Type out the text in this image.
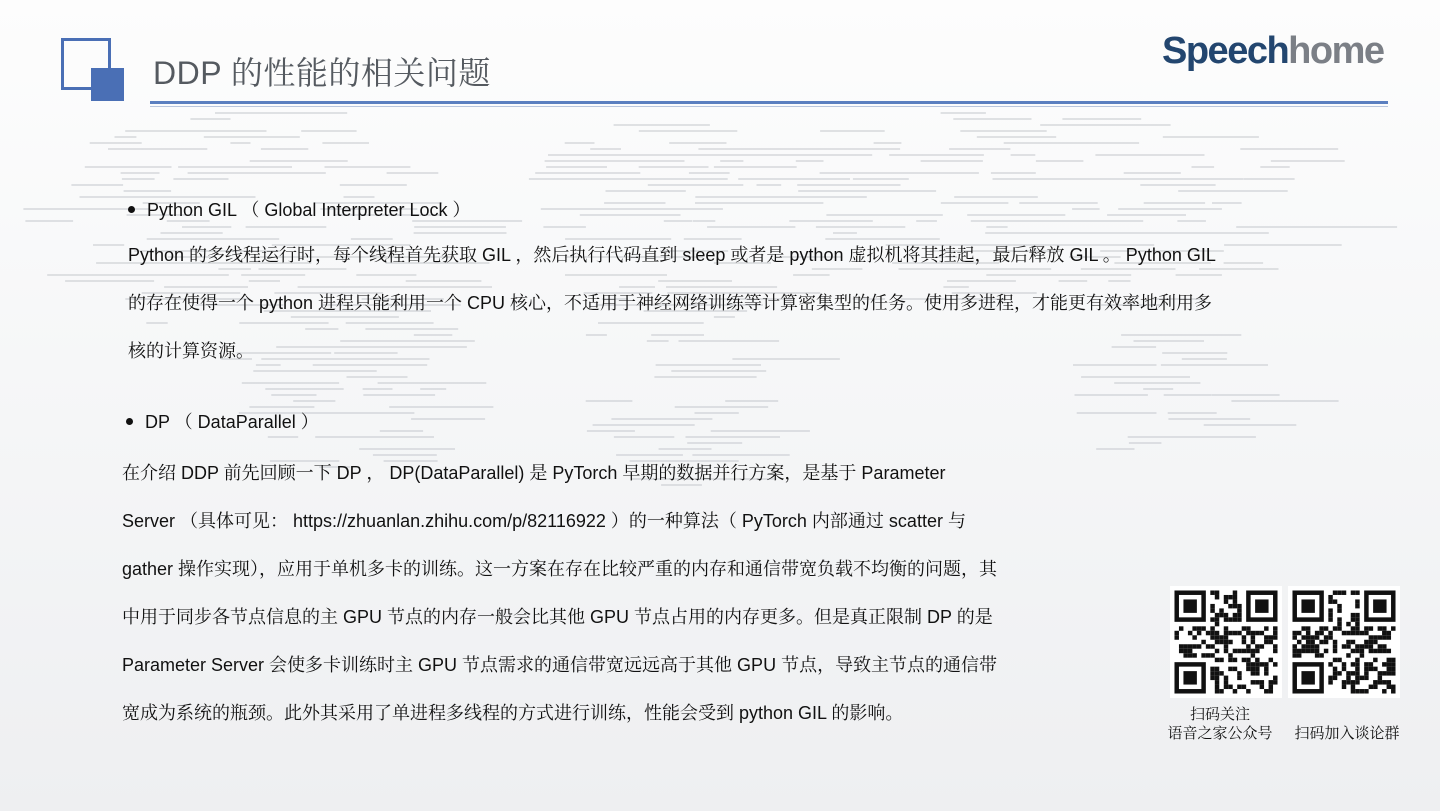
DDP 的性能的相关问题
Speechhome
Python GIL （ Global Interpreter Lock ）
Python 的多线程运行时，每个线程首先获取 GIL ，然后执行代码直到 sleep 或者是 python 虚拟机将其挂起，最后释放 GIL 。 Python GIL
的存在使得一个 python 进程只能利用一个 CPU 核心，不适用于神经网络训练等计算密集型的任务。使用多进程，才能更有效率地利用多
核的计算资源。
DP （ DataParallel ）
在介绍 DDP 前先回顾一下 DP ， DP(DataParallel) 是 PyTorch 早期的数据并行方案，是基于 Parameter
Server （具体可见： https://zhuanlan.zhihu.com/p/82116922 ）的一种算法（ PyTorch 内部通过 scatter 与
gather 操作实现），应用于单机多卡的训练。这一方案在存在比较严重的内存和通信带宽负载不均衡的问题，其
中用于同步各节点信息的主 GPU 节点的内存一般会比其他 GPU 节点占用的内存更多。但是真正限制 DP 的是
Parameter Server 会使多卡训练时主 GPU 节点需求的通信带宽远远高于其他 GPU 节点，导致主节点的通信带
宽成为系统的瓶颈。此外其采用了单进程多线程的方式进行训练，性能会受到 python GIL 的影响。	扫码关注
语音之家公众号	扫码加入谈论群
